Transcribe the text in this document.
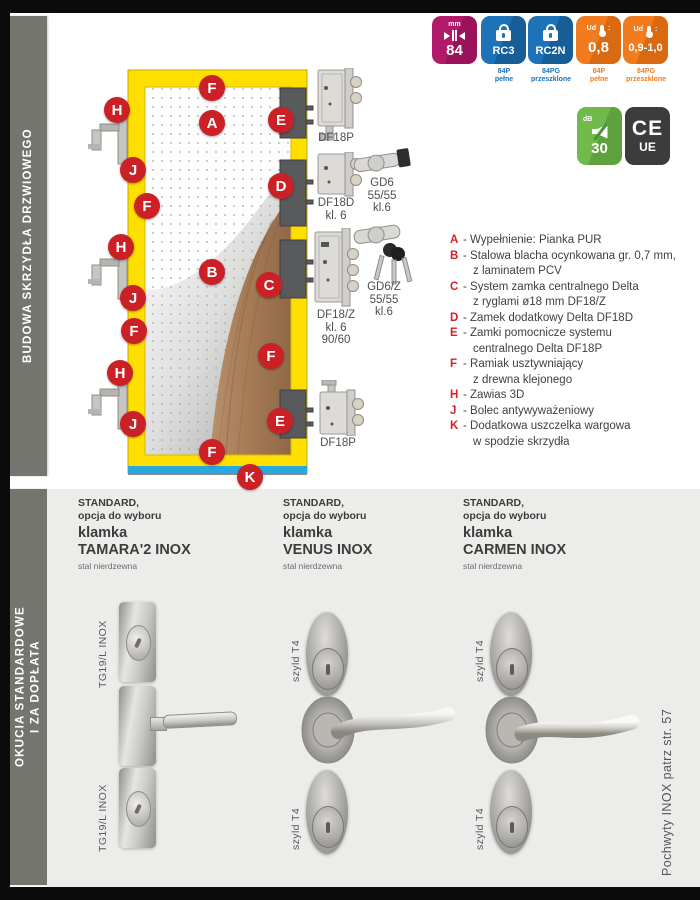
BUDOWA SKRZYDŁA DRZWIOWEGO
OKUCIA STANDARDOWE I ZA DOPŁATA
F
A	E
H
J
F
D
H
B
C
J
F
F
H
E
J
F
K
DF18P
DF18D
kl. 6
GD6
55/55
kl.6
DF18/Z
kl. 6
90/60
GD6/Z
55/55
kl.6
DF18P
mm
84	RC3 RC2N
Ud :
0,8
Ud :
0,9-1,0
84P
pełne
84PG
przeszklone
84P
pełne
84PG
przeszklone
dB
30
CE
UE
A - Wypełnienie: Pianka PUR
B - Stalowa blacha ocynkowana gr. 0,7 mm,
z laminatem PCV
C - System zamka centralnego Delta
z ryglami ø18 mm DF18/Z
D - Zamek dodatkowy Delta DF18D
E - Zamki pomocnicze systemu
centralnego Delta DF18P
F - Ramiak usztywniający
z drewna klejonego
H - Zawias 3D
J - Bolec antywyważeniowy
K - Dodatkowa uszczelka wargowa
w spodzie skrzydła
STANDARD,
opcja do wyboru
klamka
TAMARA'2 INOX
stal nierdzewna
TG19/L INOX
TG19/L INOX
STANDARD,
opcja do wyboru
klamka
VENUS INOX
stal nierdzewna
szyld T4
szyld T4
STANDARD,
opcja do wyboru
klamka
CARMEN INOX
stal nierdzewna
szyld T4
szyld T4	Pochwyty INOX patrz str. 57
